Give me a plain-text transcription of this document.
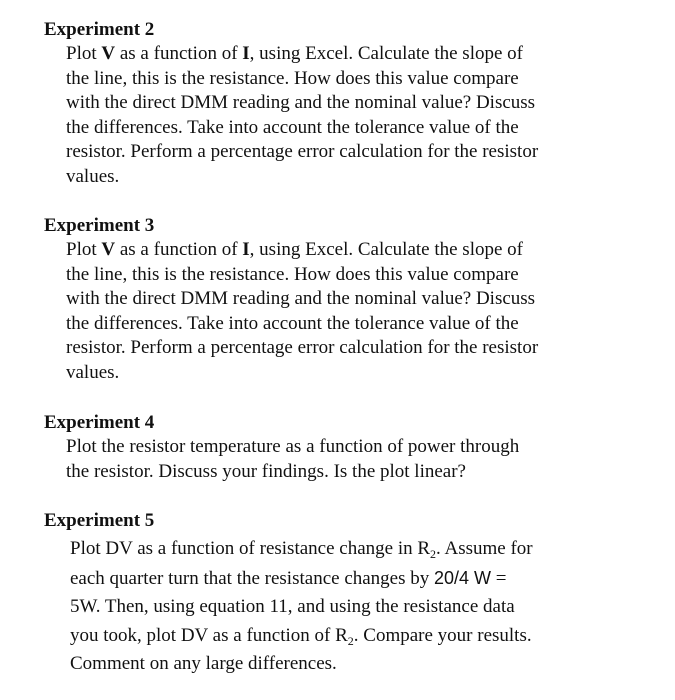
Experiment 2
Plot V as a function of I, using Excel. Calculate the slope of
the line, this is the resistance. How does this value compare
with the direct DMM reading and the nominal value? Discuss
the differences. Take into account the tolerance value of the
resistor. Perform a percentage error calculation for the resistor
values.
Experiment 3
Plot V as a function of I, using Excel. Calculate the slope of
the line, this is the resistance. How does this value compare
with the direct DMM reading and the nominal value? Discuss
the differences. Take into account the tolerance value of the
resistor. Perform a percentage error calculation for the resistor
values.
Experiment 4
Plot the resistor temperature as a function of power through
the resistor. Discuss your findings. Is the plot linear?
Experiment 5
Plot DV as a function of resistance change in $R_2$. Assume for
each quarter turn that the resistance changes by 20/4 W =
5W. Then, using equation 11, and using the resistance data
you took, plot DV as a function of $R_2$. Compare your results.
Comment on any large differences.
